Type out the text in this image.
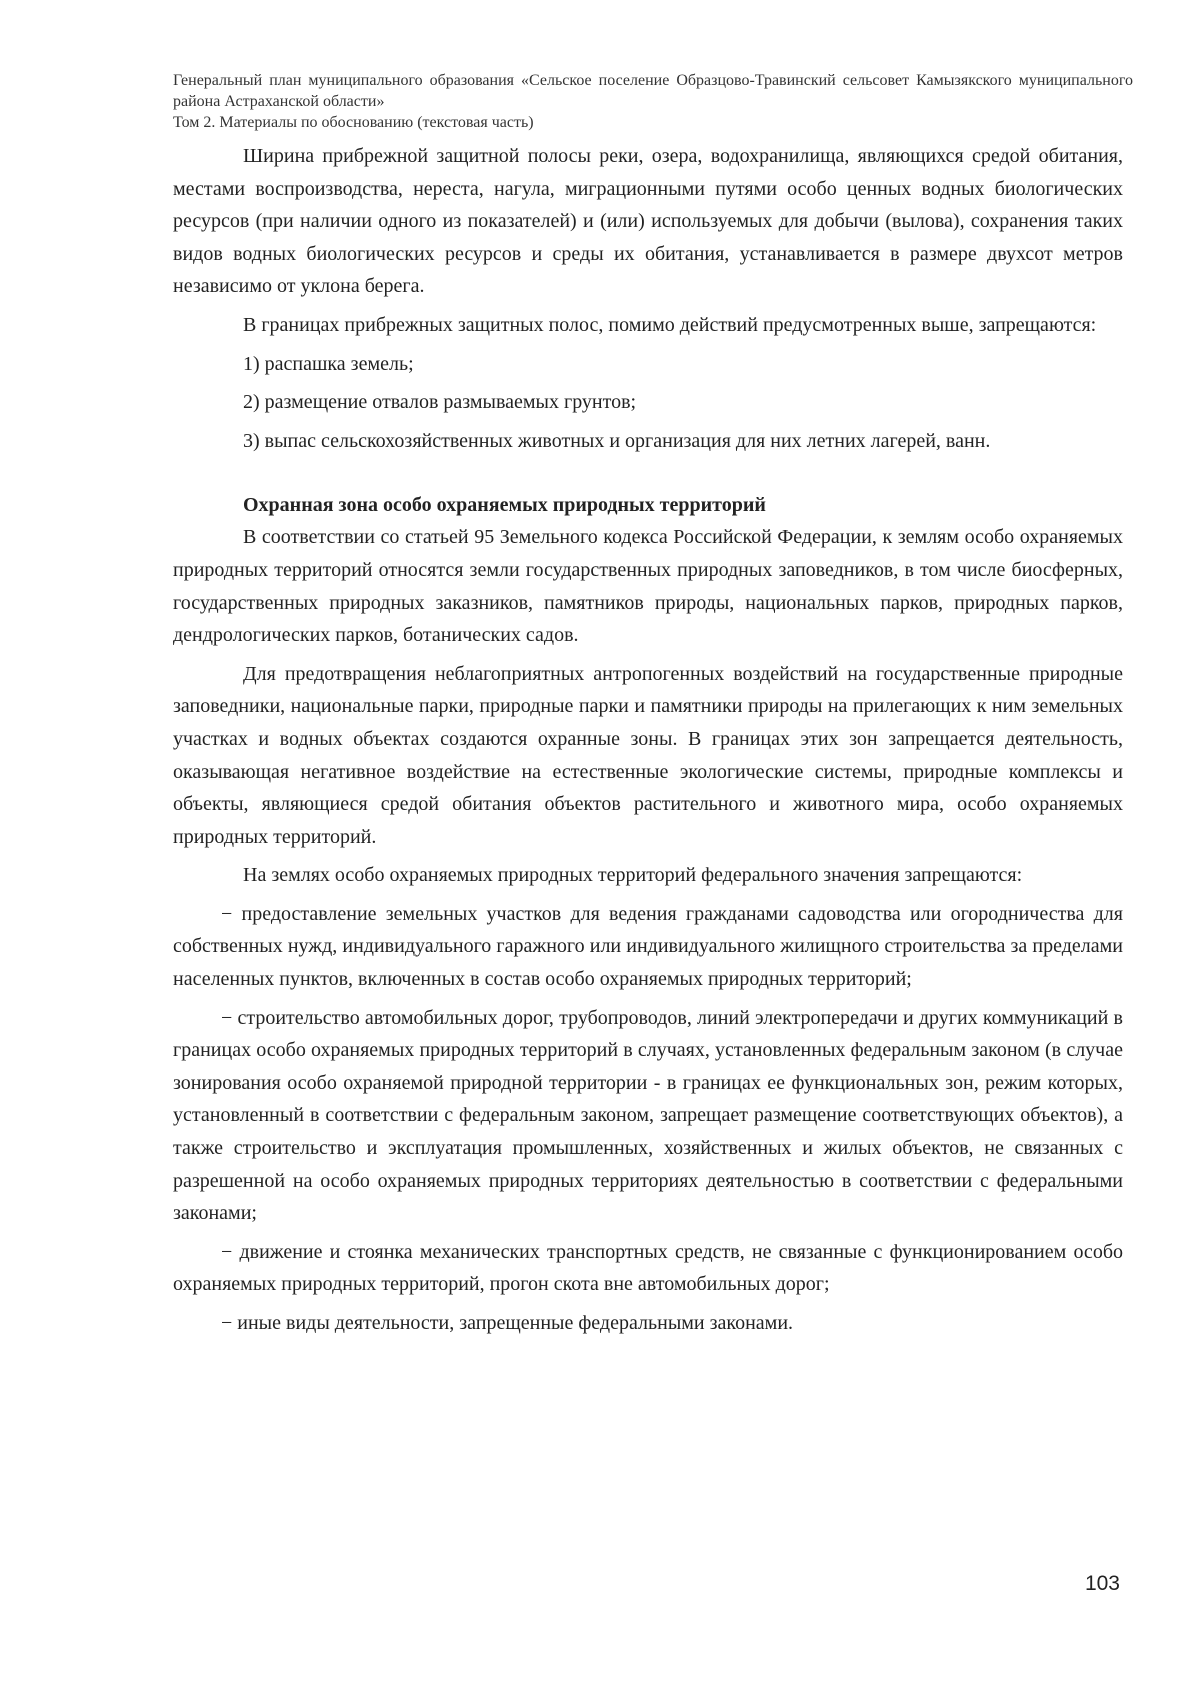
Генеральный план муниципального образования «Сельское поселение Образцово-Травинский сельсовет Камызякского муниципального района Астраханской области»

Том 2. Материалы по обоснованию (текстовая часть)

Ширина прибрежной защитной полосы реки, озера, водохранилища, являющихся средой обитания, местами воспроизводства, нереста, нагула, миграционными путями особо ценных водных биологических ресурсов (при наличии одного из показателей) и (или) используемых для добычи (вылова), сохранения таких видов водных биологических ресурсов и среды их обитания, устанавливается в размере двухсот метров независимо от уклона берега.

В границах прибрежных защитных полос, помимо действий предусмотренных выше, запрещаются:

1) распашка земель;

2) размещение отвалов размываемых грунтов;

3) выпас сельскохозяйственных животных и организация для них летних лагерей, ванн.

Охранная зона особо охраняемых природных территорий

В соответствии со статьей 95 Земельного кодекса Российской Федерации, к землям особо охраняемых природных территорий относятся земли государственных природных заповедников, в том числе биосферных, государственных природных заказников, памятников природы, национальных парков, природных парков, дендрологических парков, ботанических садов.

Для предотвращения неблагоприятных антропогенных воздействий на государственные природные заповедники, национальные парки, природные парки и памятники природы на прилегающих к ним земельных участках и водных объектах создаются охранные зоны. В границах этих зон запрещается деятельность, оказывающая негативное воздействие на естественные экологические системы, природные комплексы и объекты, являющиеся средой обитания объектов растительного и животного мира, особо охраняемых природных территорий.

На землях особо охраняемых природных территорий федерального значения запрещаются:

− предоставление земельных участков для ведения гражданами садоводства или огородничества для собственных нужд, индивидуального гаражного или индивидуального жилищного строительства за пределами населенных пунктов, включенных в состав особо охраняемых природных территорий;

− строительство автомобильных дорог, трубопроводов, линий электропередачи и других коммуникаций в границах особо охраняемых природных территорий в случаях, установленных федеральным законом (в случае зонирования особо охраняемой природной территории - в границах ее функциональных зон, режим которых, установленный в соответствии с федеральным законом, запрещает размещение соответствующих объектов), а также строительство и эксплуатация промышленных, хозяйственных и жилых объектов, не связанных с разрешенной на особо охраняемых природных территориях деятельностью в соответствии с федеральными законами;

− движение и стоянка механических транспортных средств, не связанные с функционированием особо охраняемых природных территорий, прогон скота вне автомобильных дорог;

− иные виды деятельности, запрещенные федеральными законами.

103
